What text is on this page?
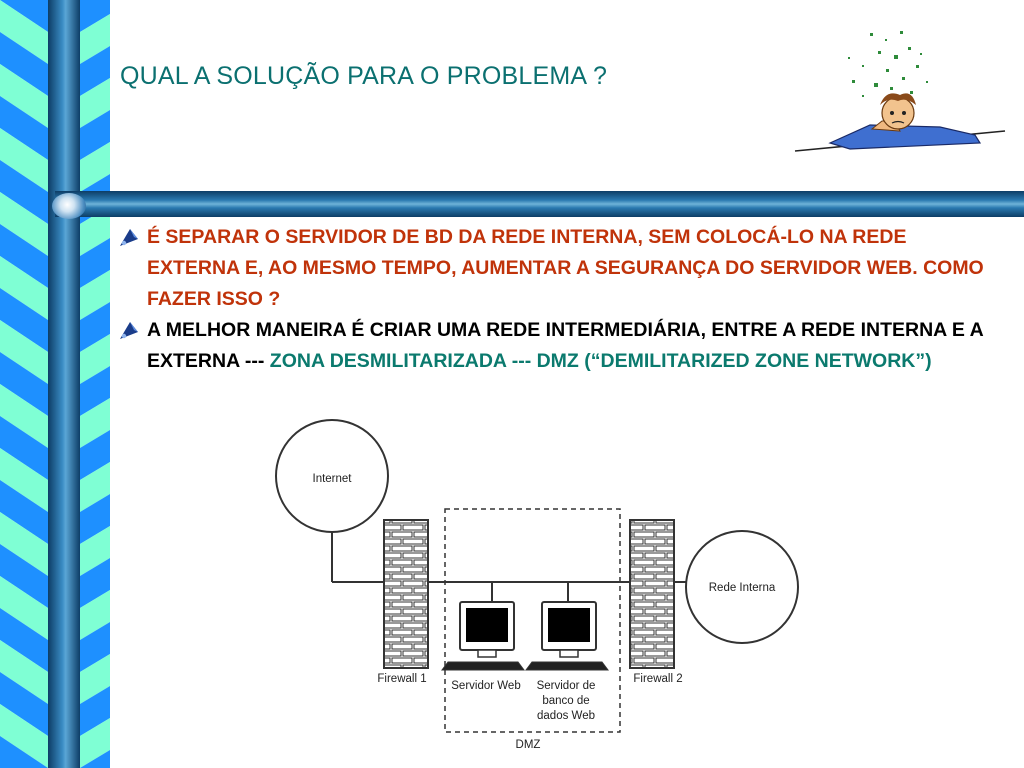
QUAL A SOLUÇÃO PARA O PROBLEMA ?
É SEPARAR O SERVIDOR DE BD DA REDE INTERNA, SEM COLOCÁ-LO NA REDE EXTERNA E, AO MESMO TEMPO, AUMENTAR A SEGURANÇA DO SERVIDOR WEB. COMO FAZER ISSO ?
A MELHOR MANEIRA É CRIAR UMA REDE INTERMEDIÁRIA, ENTRE A REDE INTERNA E A EXTERNA --- ZONA DESMILITARIZADA --- DMZ (“DEMILITARIZED ZONE NETWORK”)
Internet
Rede Interna
DMZ
Firewall 1	Firewall 2
Servidor Web Servidor de
banco de
dados Web
